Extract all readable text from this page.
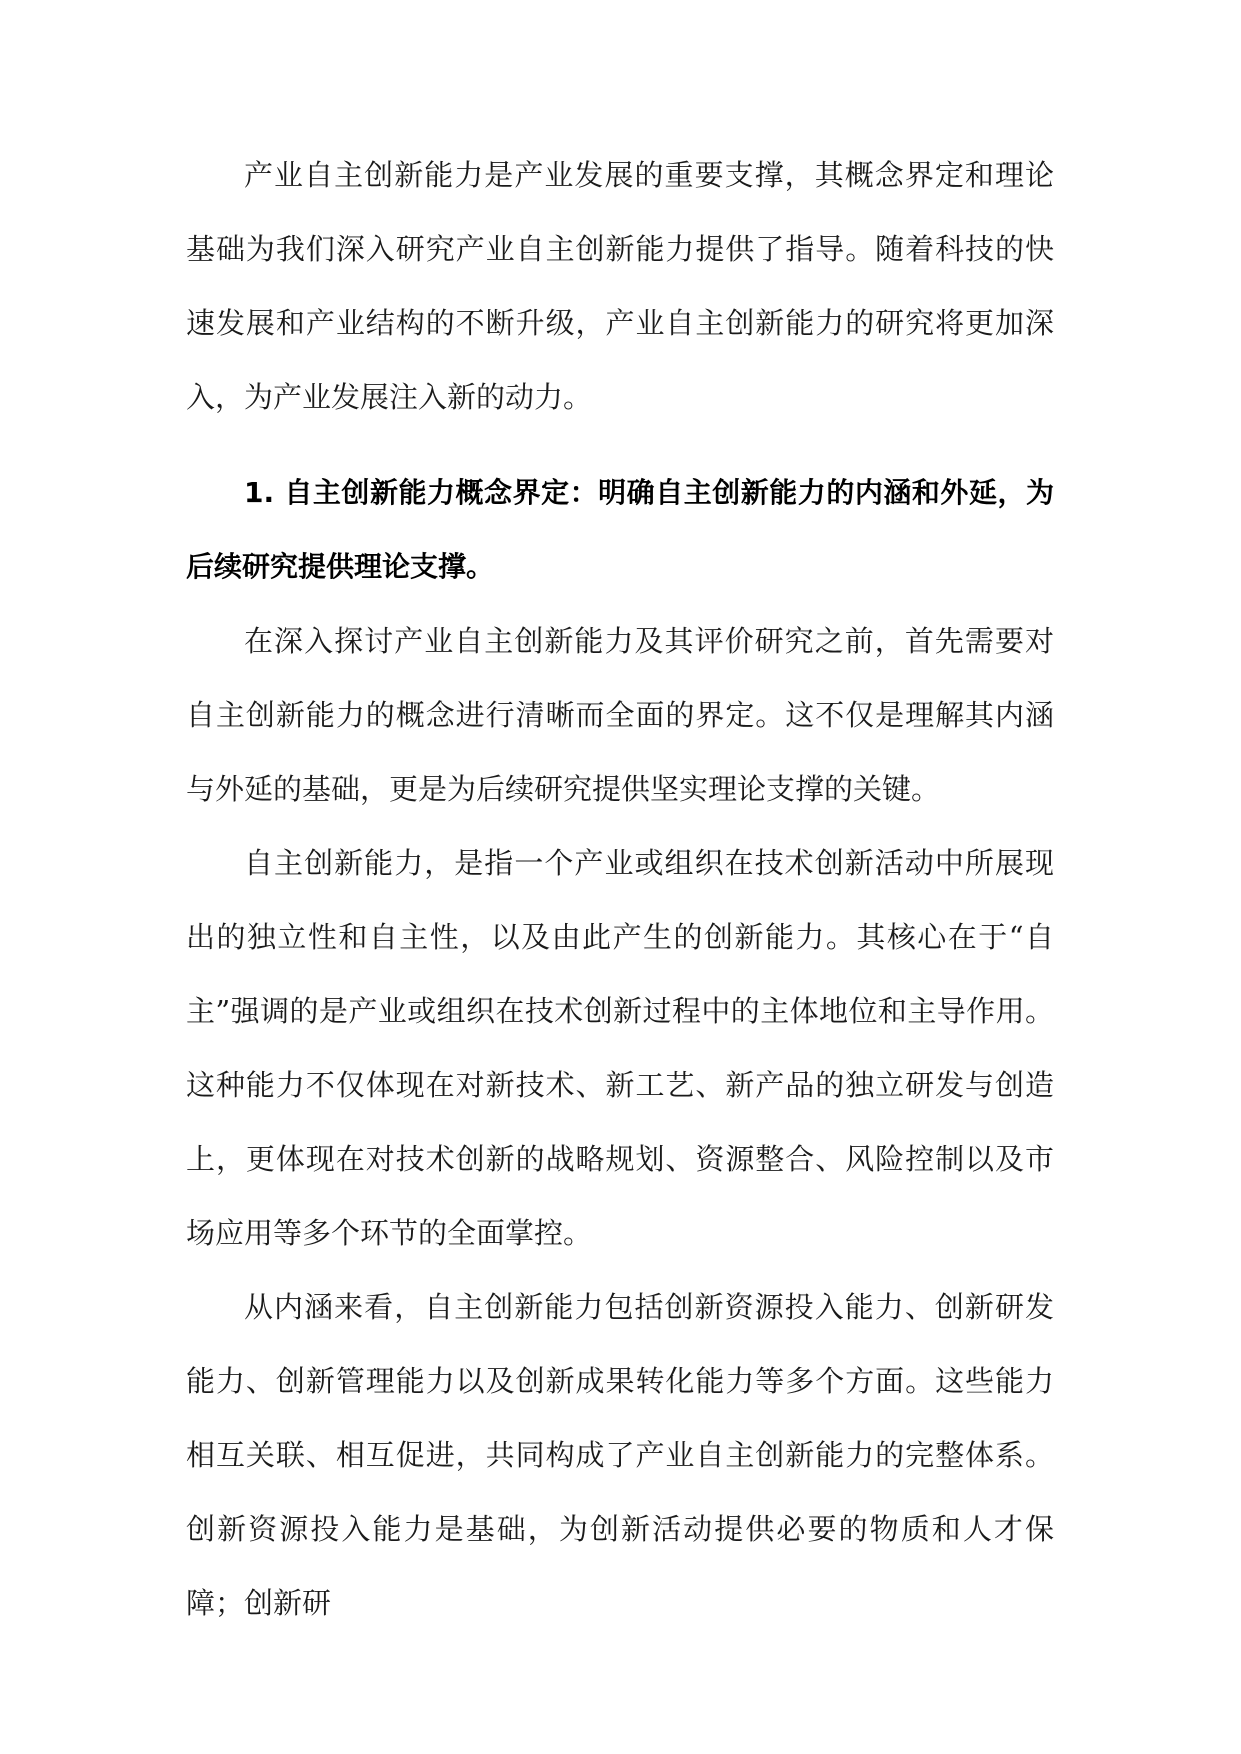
产业自主创新能力是产业发展的重要支撑，其概念界定和理论基础为我们深入研究产业自主创新能力提供了指导。随着科技的快速发展和产业结构的不断升级，产业自主创新能力的研究将更加深入，为产业发展注入新的动力。

1. 自主创新能力概念界定：明确自主创新能力的内涵和外延，为后续研究提供理论支撑。

在深入探讨产业自主创新能力及其评价研究之前，首先需要对自主创新能力的概念进行清晰而全面的界定。这不仅是理解其内涵与外延的基础，更是为后续研究提供坚实理论支撑的关键。

自主创新能力，是指一个产业或组织在技术创新活动中所展现出的独立性和自主性，以及由此产生的创新能力。其核心在于“自主”强调的是产业或组织在技术创新过程中的主体地位和主导作用。这种能力不仅体现在对新技术、新工艺、新产品的独立研发与创造上，更体现在对技术创新的战略规划、资源整合、风险控制以及市场应用等多个环节的全面掌控。

从内涵来看，自主创新能力包括创新资源投入能力、创新研发能力、创新管理能力以及创新成果转化能力等多个方面。这些能力相互关联、相互促进，共同构成了产业自主创新能力的完整体系。创新资源投入能力是基础，为创新活动提供必要的物质和人才保障；创新研
